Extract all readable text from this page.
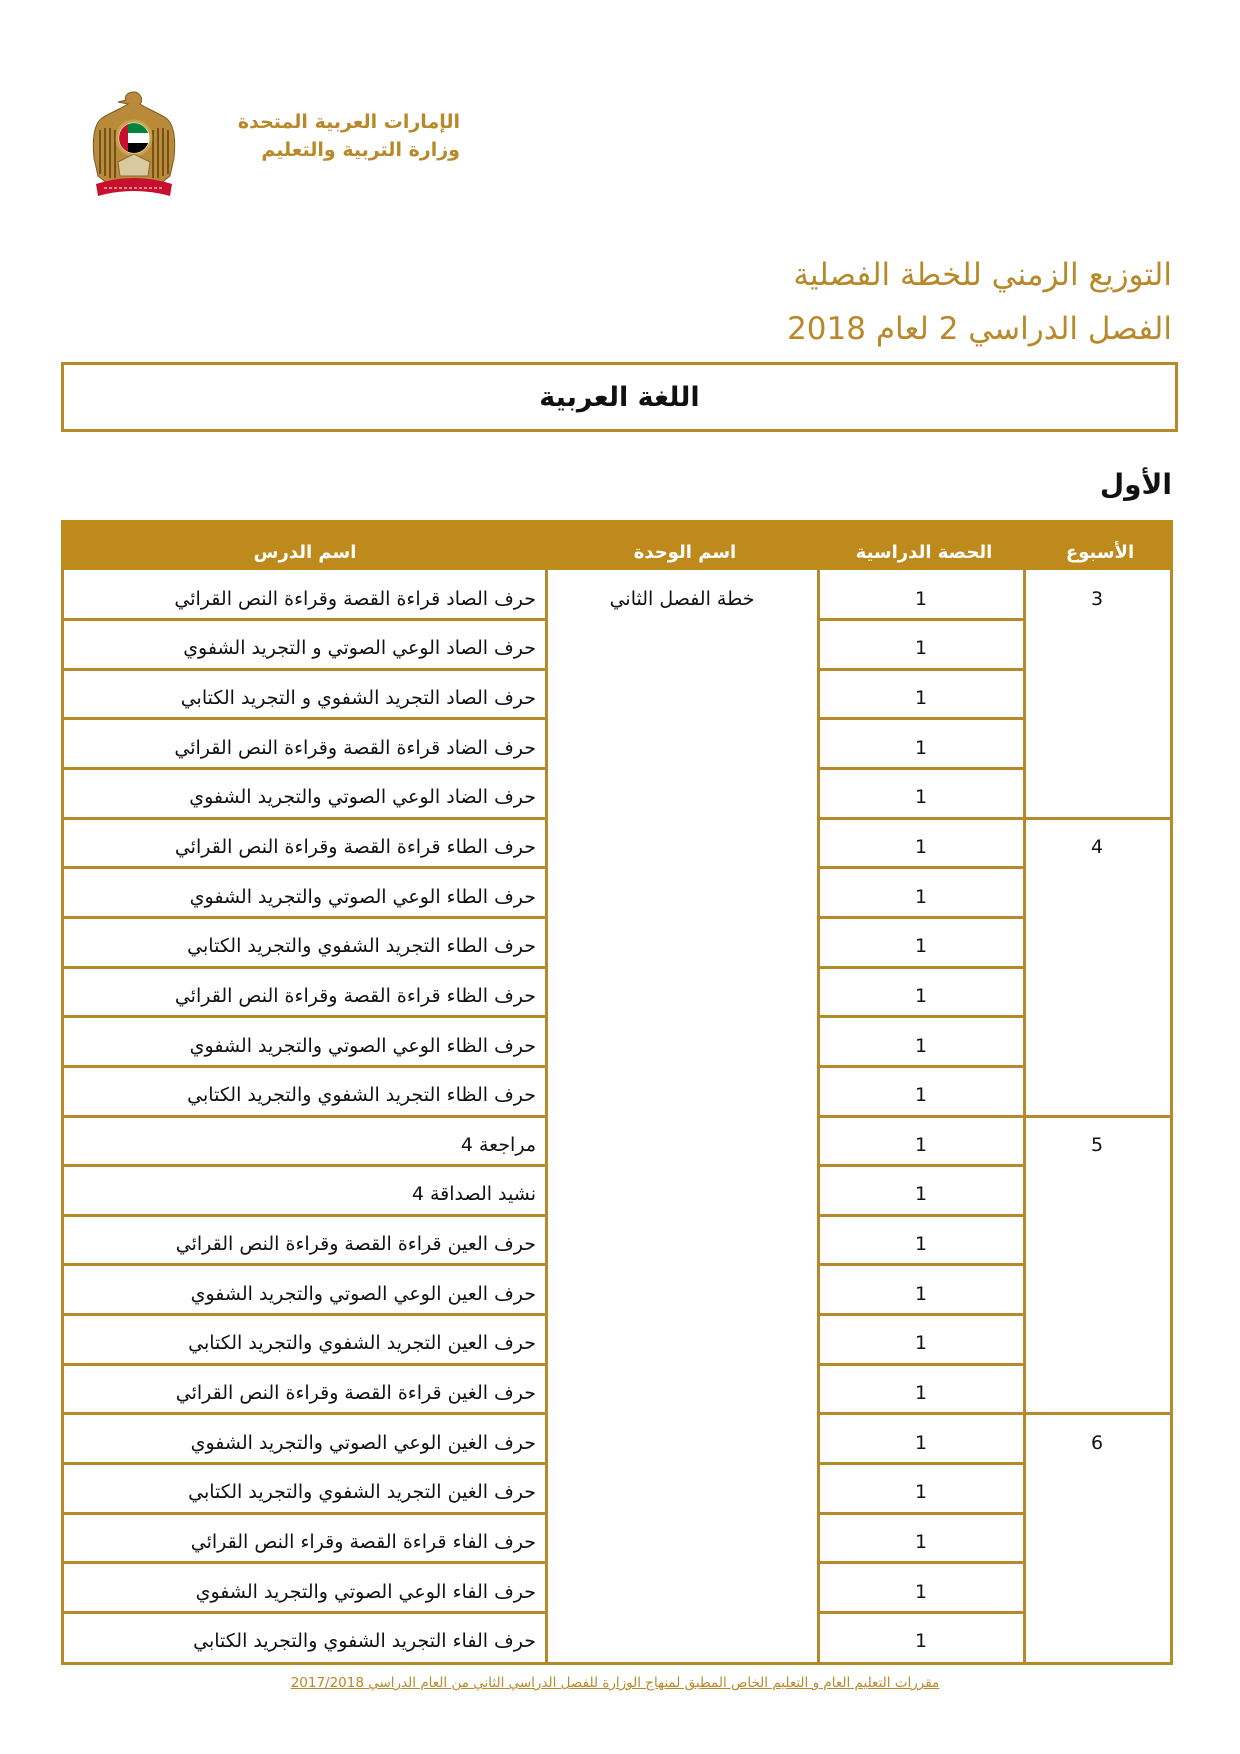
الإمارات العربية المتحدة
وزارة التربية والتعليم
التوزيع الزمني للخطة الفصلية
الفصل الدراسي 2 لعام 2018
اللغة العربية
الأول
الأسبوع
الحصة الدراسية
اسم الوحدة
اسم الدرس
خطة الفصل الثاني	1
حرف الصاد قراءة القصة وقراءة النص القرائي
1
حرف الصاد الوعي الصوتي و التجريد الشفوي
1
حرف الصاد التجريد الشفوي و التجريد الكتابي
1
حرف الضاد قراءة القصة وقراءة النص القرائي
1
حرف الضاد الوعي الصوتي والتجريد الشفوي
1
حرف الطاء قراءة القصة وقراءة النص القرائي
1
حرف الطاء الوعي الصوتي والتجريد الشفوي
1
حرف الطاء التجريد الشفوي والتجريد الكتابي
1
حرف الظاء قراءة القصة وقراءة النص القرائي
1
حرف الظاء الوعي الصوتي والتجريد الشفوي
1
حرف الظاء التجريد الشفوي والتجريد الكتابي
1
مراجعة 4
1
نشيد الصداقة 4
1
حرف العين قراءة القصة وقراءة النص القرائي
1
حرف العين الوعي الصوتي والتجريد الشفوي
1
حرف العين التجريد الشفوي والتجريد الكتابي
1
حرف الغين قراءة القصة وقراءة النص القرائي
1
حرف الغين الوعي الصوتي والتجريد الشفوي
1
حرف الغين التجريد الشفوي والتجريد الكتابي
1
حرف الفاء قراءة القصة وقراء النص القرائي
1
حرف الفاء الوعي الصوتي والتجريد الشفوي
1
حرف الفاء التجريد الشفوي والتجريد الكتابي
3
4
5
6
مقررات التعليم العام و التعليم الخاص المطبق لمنهاج الوزارة للفصل الدراسي الثاني من العام الدراسي 2017/2018
